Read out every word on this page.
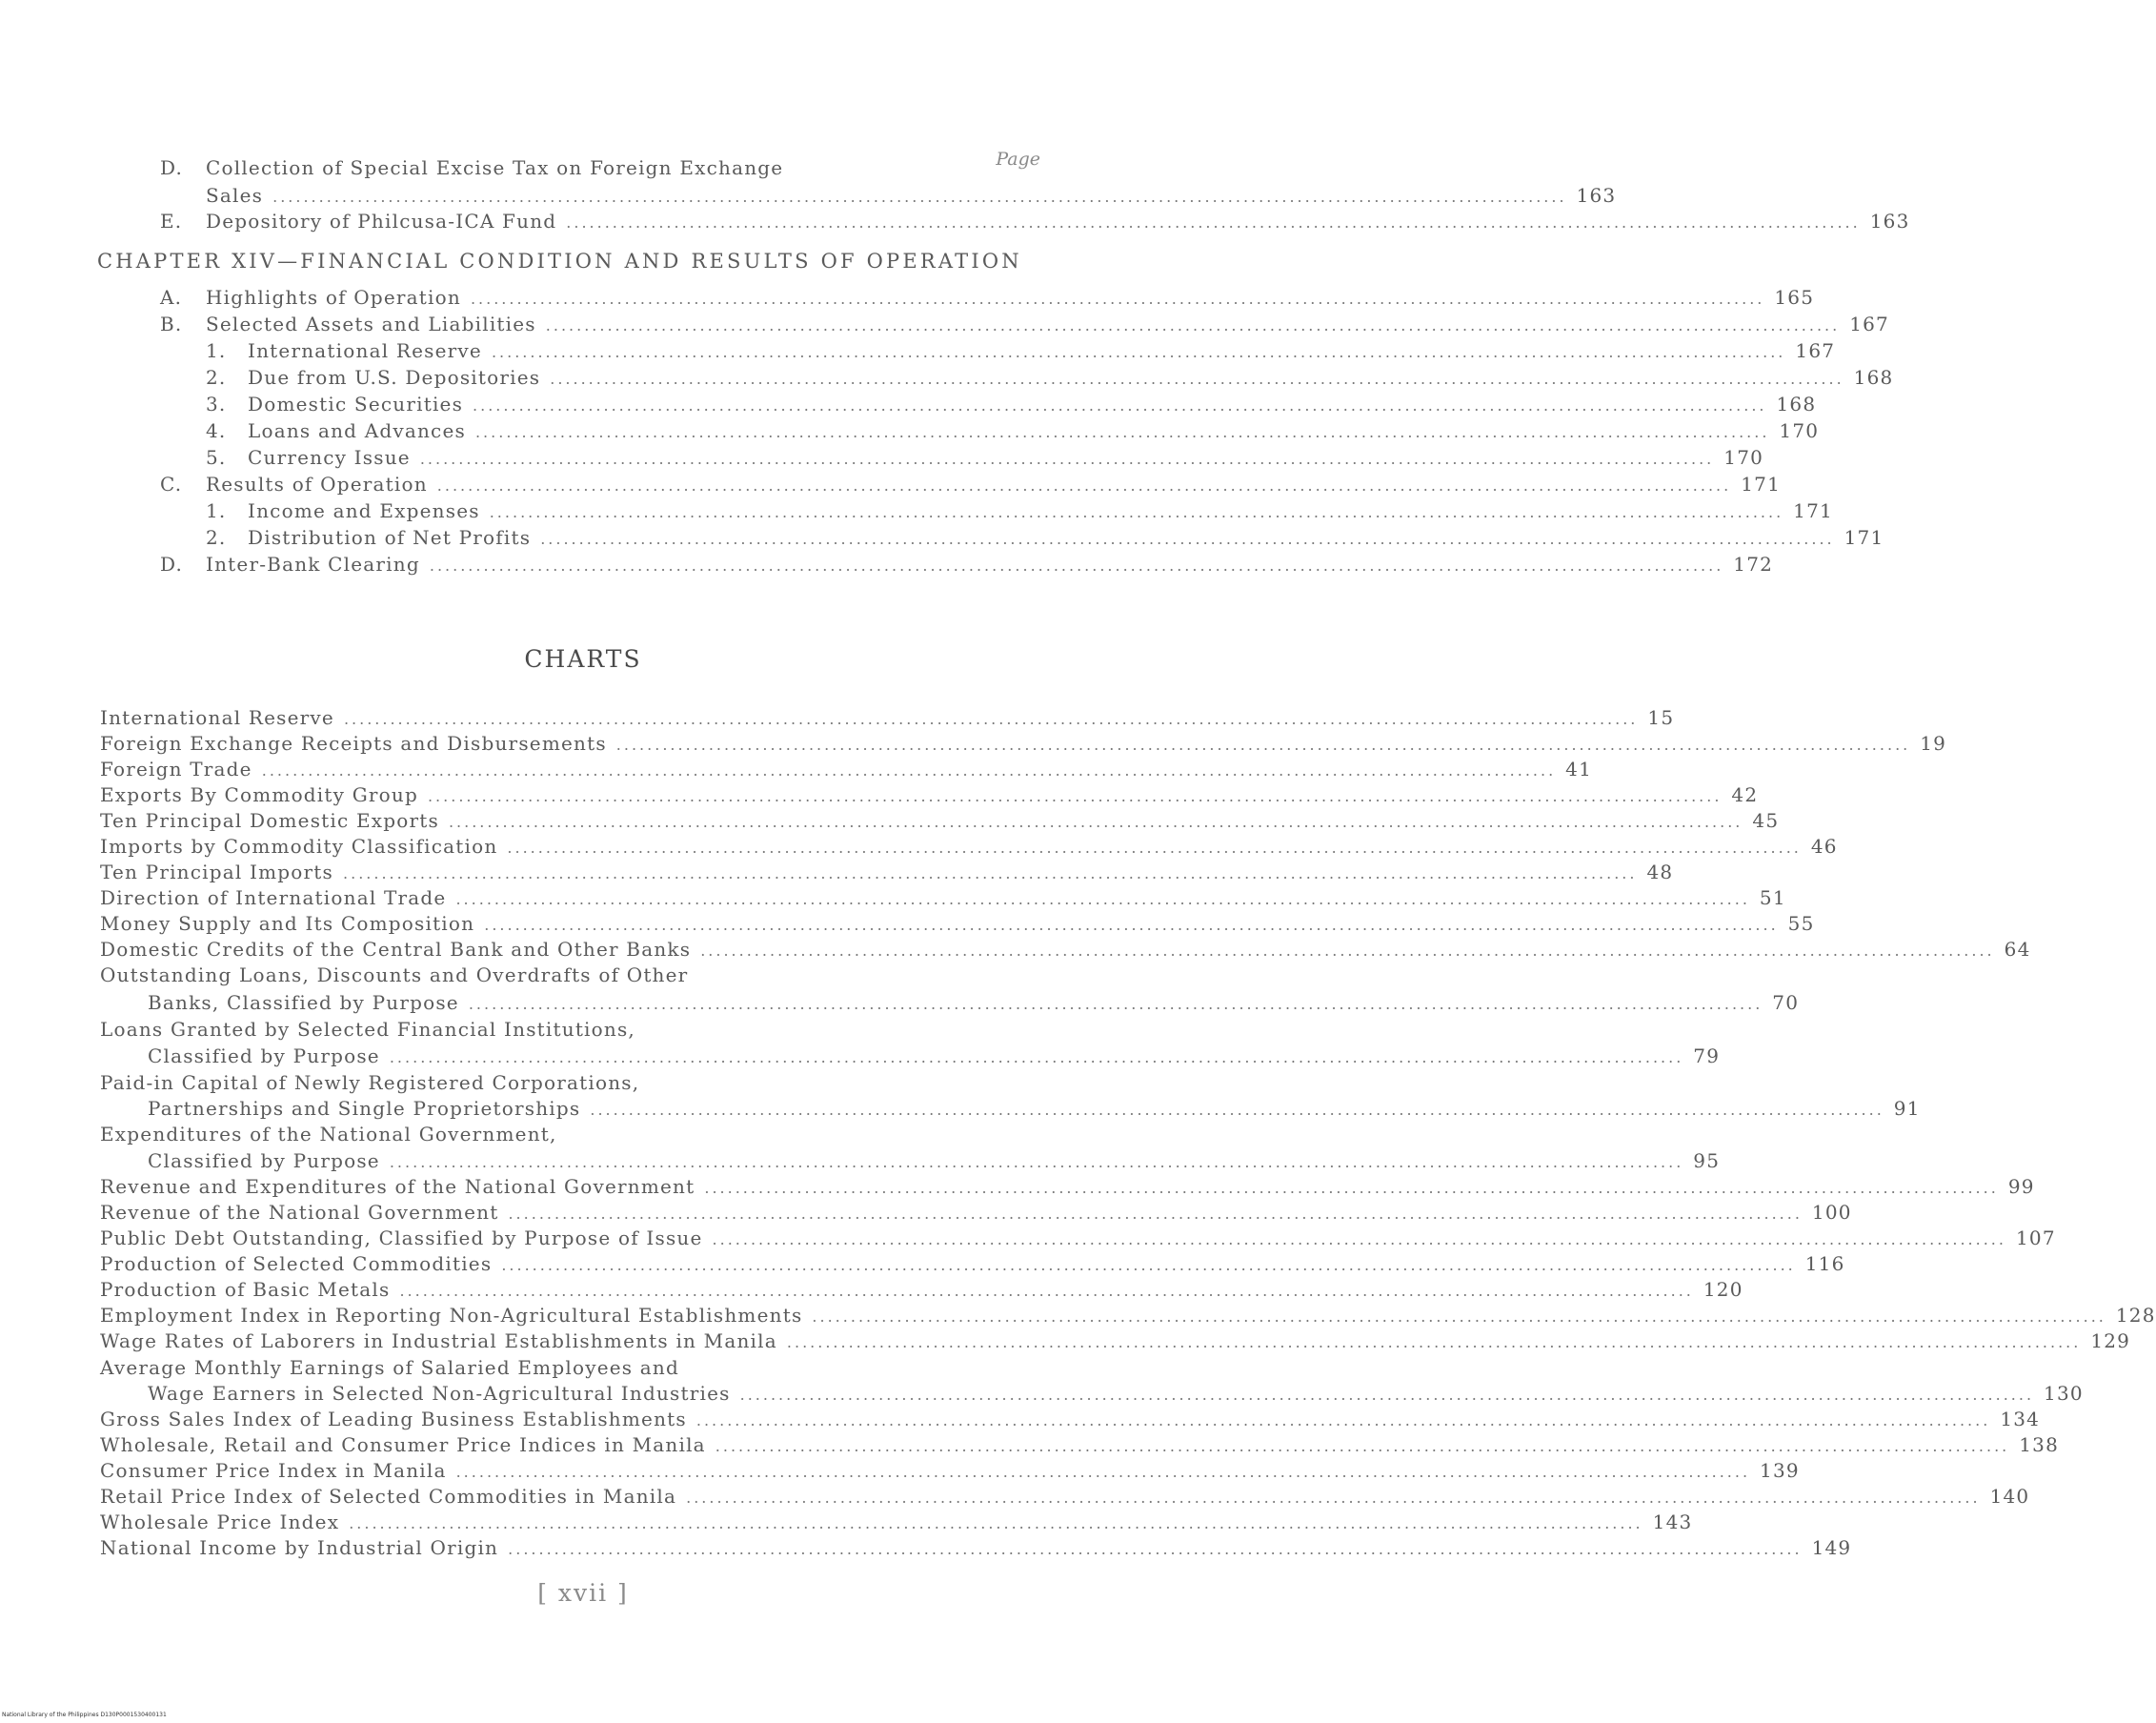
Page
D.	Collection of Special Excise Tax on Foreign Exchange
Sales ........................................................................................................................................................................ 163
E.	Depository of Philcusa-ICA Fund ........................................................................................................................................................................ 163
CHAPTER XIV—FINANCIAL CONDITION AND RESULTS OF OPERATION
A.	Highlights of Operation ........................................................................................................................................................................ 165
B.	Selected Assets and Liabilities ........................................................................................................................................................................ 167
1.	International Reserve ........................................................................................................................................................................ 167
2.	Due from U.S. Depositories ........................................................................................................................................................................ 168
3.	Domestic Securities ........................................................................................................................................................................ 168
4.	Loans and Advances ........................................................................................................................................................................ 170
5.	Currency Issue ........................................................................................................................................................................ 170
C.	Results of Operation ........................................................................................................................................................................ 171
1.	Income and Expenses ........................................................................................................................................................................ 171
2.	Distribution of Net Profits ........................................................................................................................................................................ 171
D.	Inter-Bank Clearing ........................................................................................................................................................................ 172
CHARTS
International Reserve ........................................................................................................................................................................ 15
Foreign Exchange Receipts and Disbursements ........................................................................................................................................................................ 19
Foreign Trade ........................................................................................................................................................................ 41
Exports By Commodity Group ........................................................................................................................................................................ 42
Ten Principal Domestic Exports ........................................................................................................................................................................ 45
Imports by Commodity Classification ........................................................................................................................................................................ 46
Ten Principal Imports ........................................................................................................................................................................ 48
Direction of International Trade ........................................................................................................................................................................ 51
Money Supply and Its Composition ........................................................................................................................................................................ 55
Domestic Credits of the Central Bank and Other Banks ........................................................................................................................................................................ 64
Outstanding Loans, Discounts and Overdrafts of Other
Banks, Classified by Purpose ........................................................................................................................................................................ 70
Loans Granted by Selected Financial Institutions,
Classified by Purpose ........................................................................................................................................................................ 79
Paid-in Capital of Newly Registered Corporations,
Partnerships and Single Proprietorships ........................................................................................................................................................................ 91
Expenditures of the National Government,
Classified by Purpose ........................................................................................................................................................................ 95
Revenue and Expenditures of the National Government ........................................................................................................................................................................ 99
Revenue of the National Government ........................................................................................................................................................................ 100
Public Debt Outstanding, Classified by Purpose of Issue ........................................................................................................................................................................ 107
Production of Selected Commodities ........................................................................................................................................................................ 116
Production of Basic Metals ........................................................................................................................................................................ 120
Employment Index in Reporting Non-Agricultural Establishments ........................................................................................................................................................................ 128
Wage Rates of Laborers in Industrial Establishments in Manila ........................................................................................................................................................................ 129
Average Monthly Earnings of Salaried Employees and
Wage Earners in Selected Non-Agricultural Industries ........................................................................................................................................................................ 130
Gross Sales Index of Leading Business Establishments ........................................................................................................................................................................ 134
Wholesale, Retail and Consumer Price Indices in Manila ........................................................................................................................................................................ 138
Consumer Price Index in Manila ........................................................................................................................................................................ 139
Retail Price Index of Selected Commodities in Manila ........................................................................................................................................................................ 140
Wholesale Price Index ........................................................................................................................................................................ 143
National Income by Industrial Origin ........................................................................................................................................................................ 149
[ xvii ]
National Library of the Philippines D130P0001530400131
